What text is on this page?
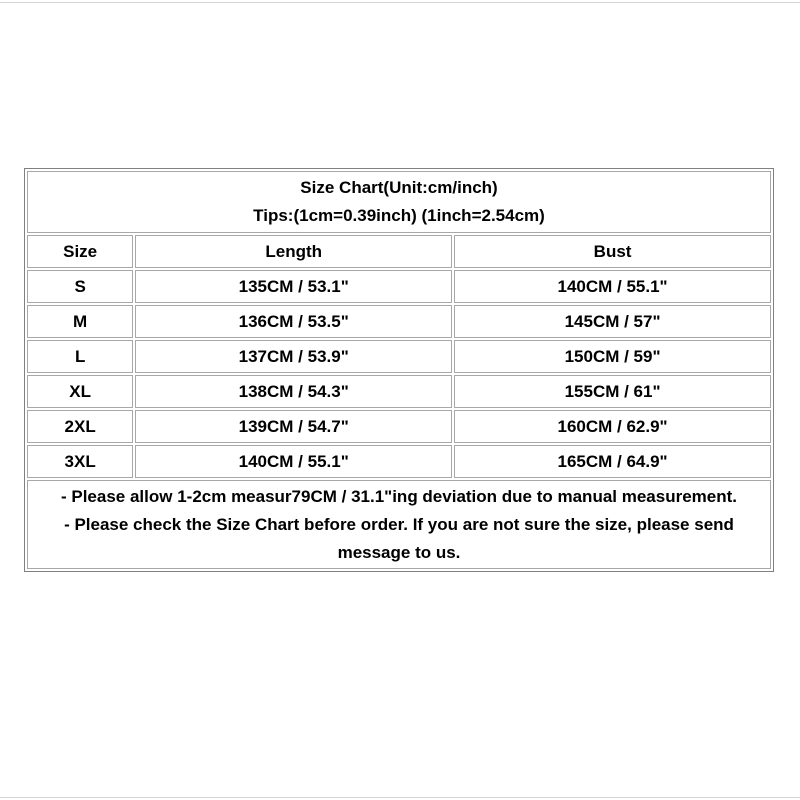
Size Chart(Unit:cm/inch)
Tips:(1cm=0.39inch) (1inch=2.54cm)		

Size	Length	Bust
S	135CM / 53.1"	140CM / 55.1"
M	136CM / 53.5"	145CM / 57"
L	137CM / 53.9"	150CM / 59"
XL	138CM / 54.3"	155CM / 61"
2XL	139CM / 54.7"	160CM / 62.9"
3XL	140CM / 55.1"	165CM / 64.9"

- Please allow 1-2cm measur79CM / 31.1"ing deviation due to manual measurement.
- Please check the Size Chart before order. If you are not sure the size, please send message to us.		
